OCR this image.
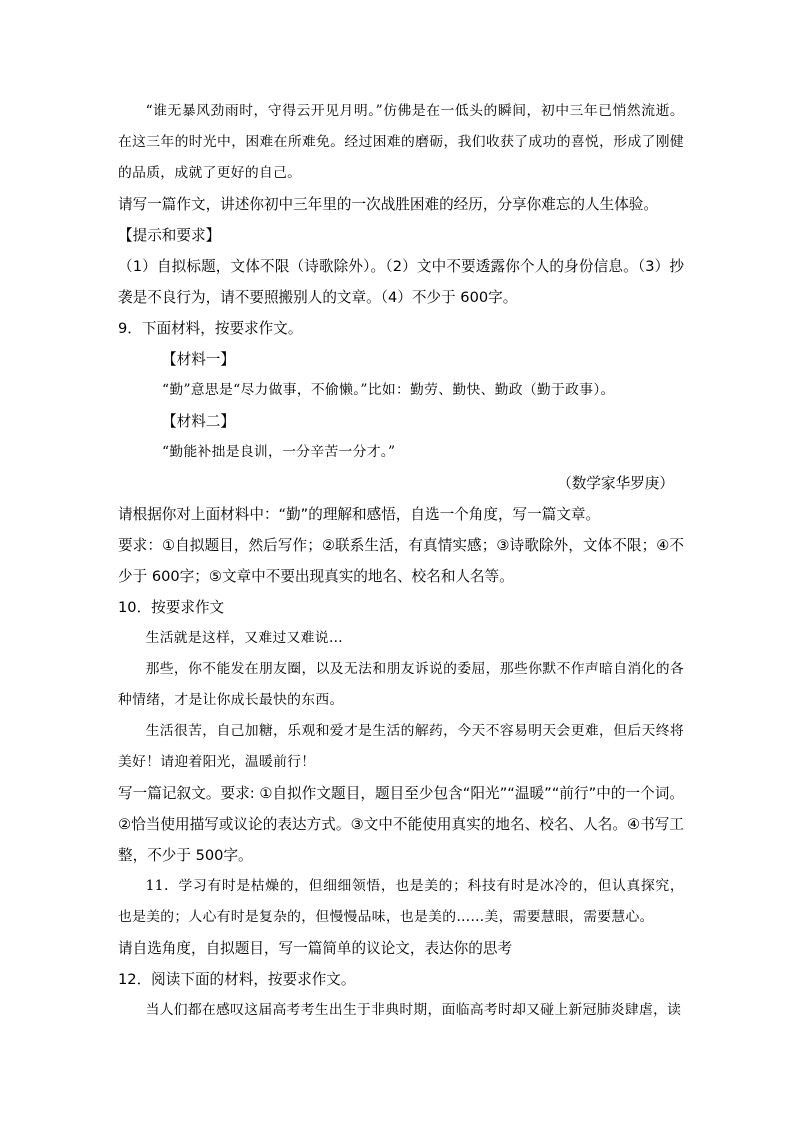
“谁无暴风劲雨时，守得云开见月明。”仿佛是在一低头的瞬间，初中三年已悄然流逝。在这三年的时光中，困难在所难免。经过困难的磨砺，我们收获了成功的喜悦，形成了刚健的品质，成就了更好的自己。

请写一篇作文，讲述你初中三年里的一次战胜困难的经历，分享你难忘的人生体验。

【提示和要求】

（1）自拟标题，文体不限（诗歌除外）。（2）文中不要透露你个人的身份信息。（3）抄袭是不良行为，请不要照搬别人的文章。（4）不少于 600字。

9．下面材料，按要求作文。

【材料一】

“勤”意思是“尽力做事，不偷懒。”比如：勤劳、勤快、勤政（勤于政事）。

【材料二】

“勤能补拙是良训，一分辛苦一分才。”

（数学家华罗庚）

请根据你对上面材料中：“勤”的理解和感悟，自选一个角度，写一篇文章。

要求：①自拟题目，然后写作；②联系生活，有真情实感；③诗歌除外，文体不限；④不少于 600字；⑤文章中不要出现真实的地名、校名和人名等。

10．按要求作文

生活就是这样，又难过又难说…

那些，你不能发在朋友圈，以及无法和朋友诉说的委屈，那些你默不作声暗自消化的各种情绪，才是让你成长最快的东西。

生活很苦，自己加糖，乐观和爱才是生活的解药，今天不容易明天会更难，但后天终将美好！请迎着阳光，温暖前行！

写一篇记叙文。要求: ①自拟作文题目，题目至少包含“阳光”“温暖”“前行”中的一个词。②恰当使用描写或议论的表达方式。③文中不能使用真实的地名、校名、人名。④书写工整，不少于 500字。

11．学习有时是枯燥的，但细细领悟，也是美的；科技有时是冰冷的，但认真探究，也是美的；人心有时是复杂的，但慢慢品味，也是美的……美，需要慧眼，需要慧心。

请自选角度，自拟题目，写一篇简单的议论文，表达你的思考

12．阅读下面的材料，按要求作文。

当人们都在感叹这届高考考生出生于非典时期，面临高考时却又碰上新冠肺炎肆虐，读
